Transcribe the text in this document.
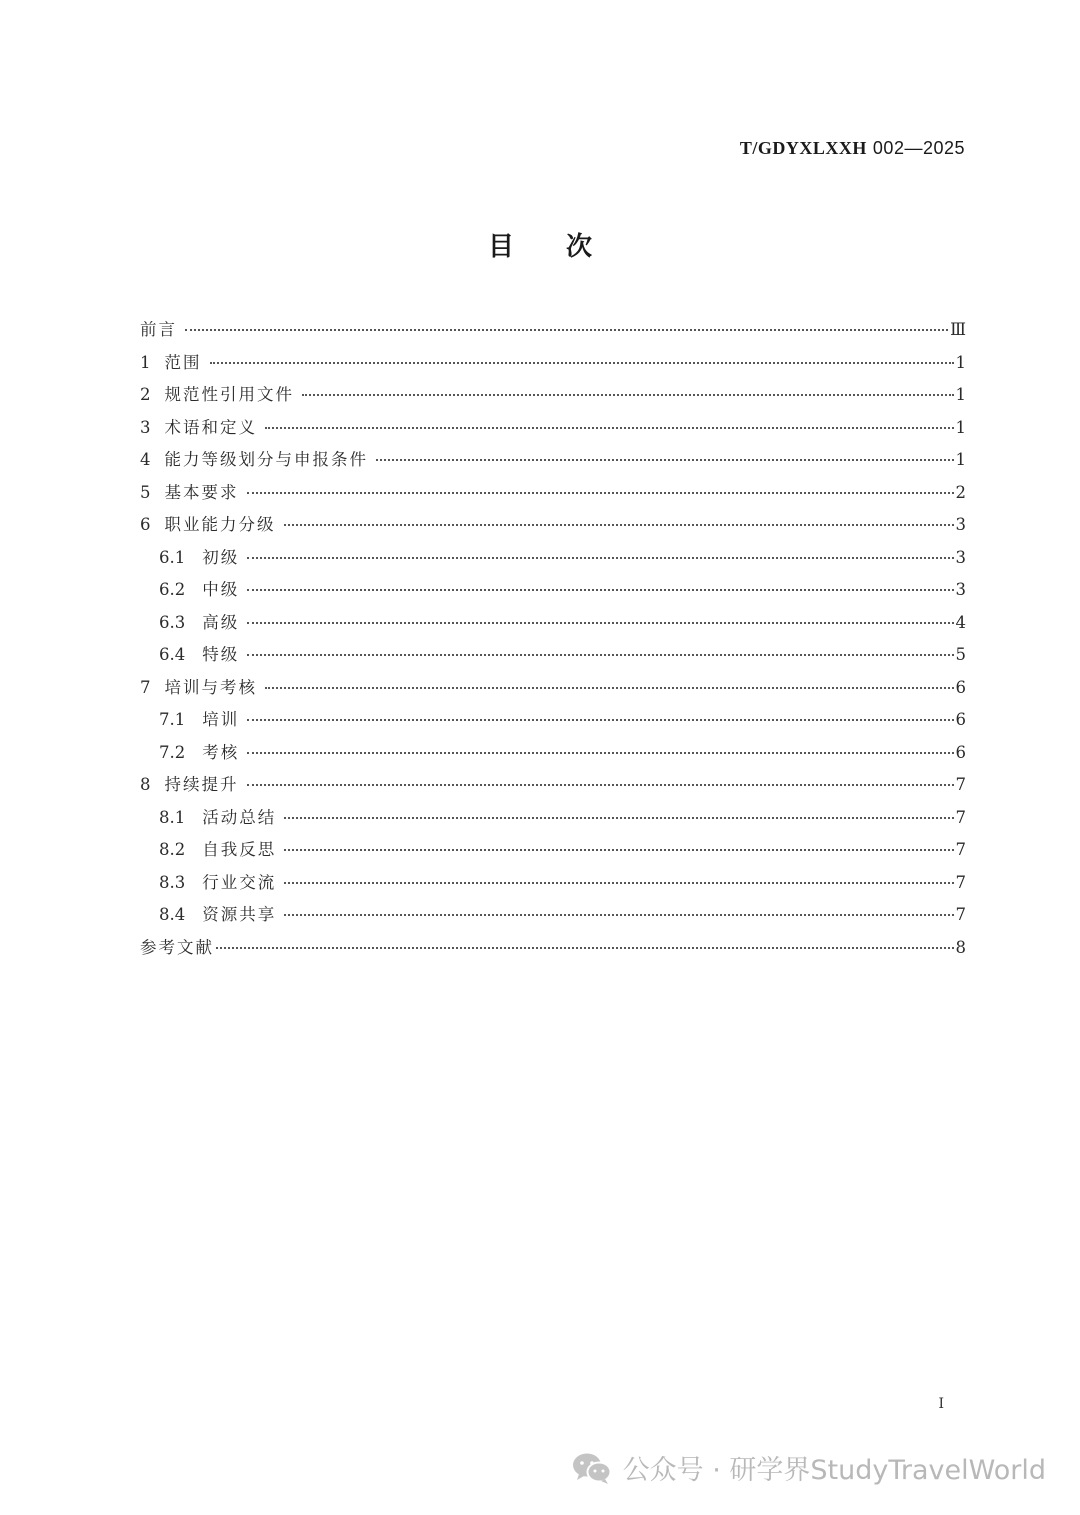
T/GDYXLXXH 002—2025
目次
前言	Ⅲ
1 范围	1
2 规范性引用文件	1
3 术语和定义	1
4 能力等级划分与申报条件	1
5 基本要求	2
6 职业能力分级	3
6.1 初级	3
6.2 中级	3
6.3 高级	4
6.4 特级	5
7 培训与考核	6
7.1 培训	6
7.2 考核	6
8 持续提升	7
8.1 活动总结	7
8.2 自我反思	7
8.3 行业交流	7
8.4 资源共享	7
参考文献	8
I
公众号 · 研学界StudyTravelWorld
